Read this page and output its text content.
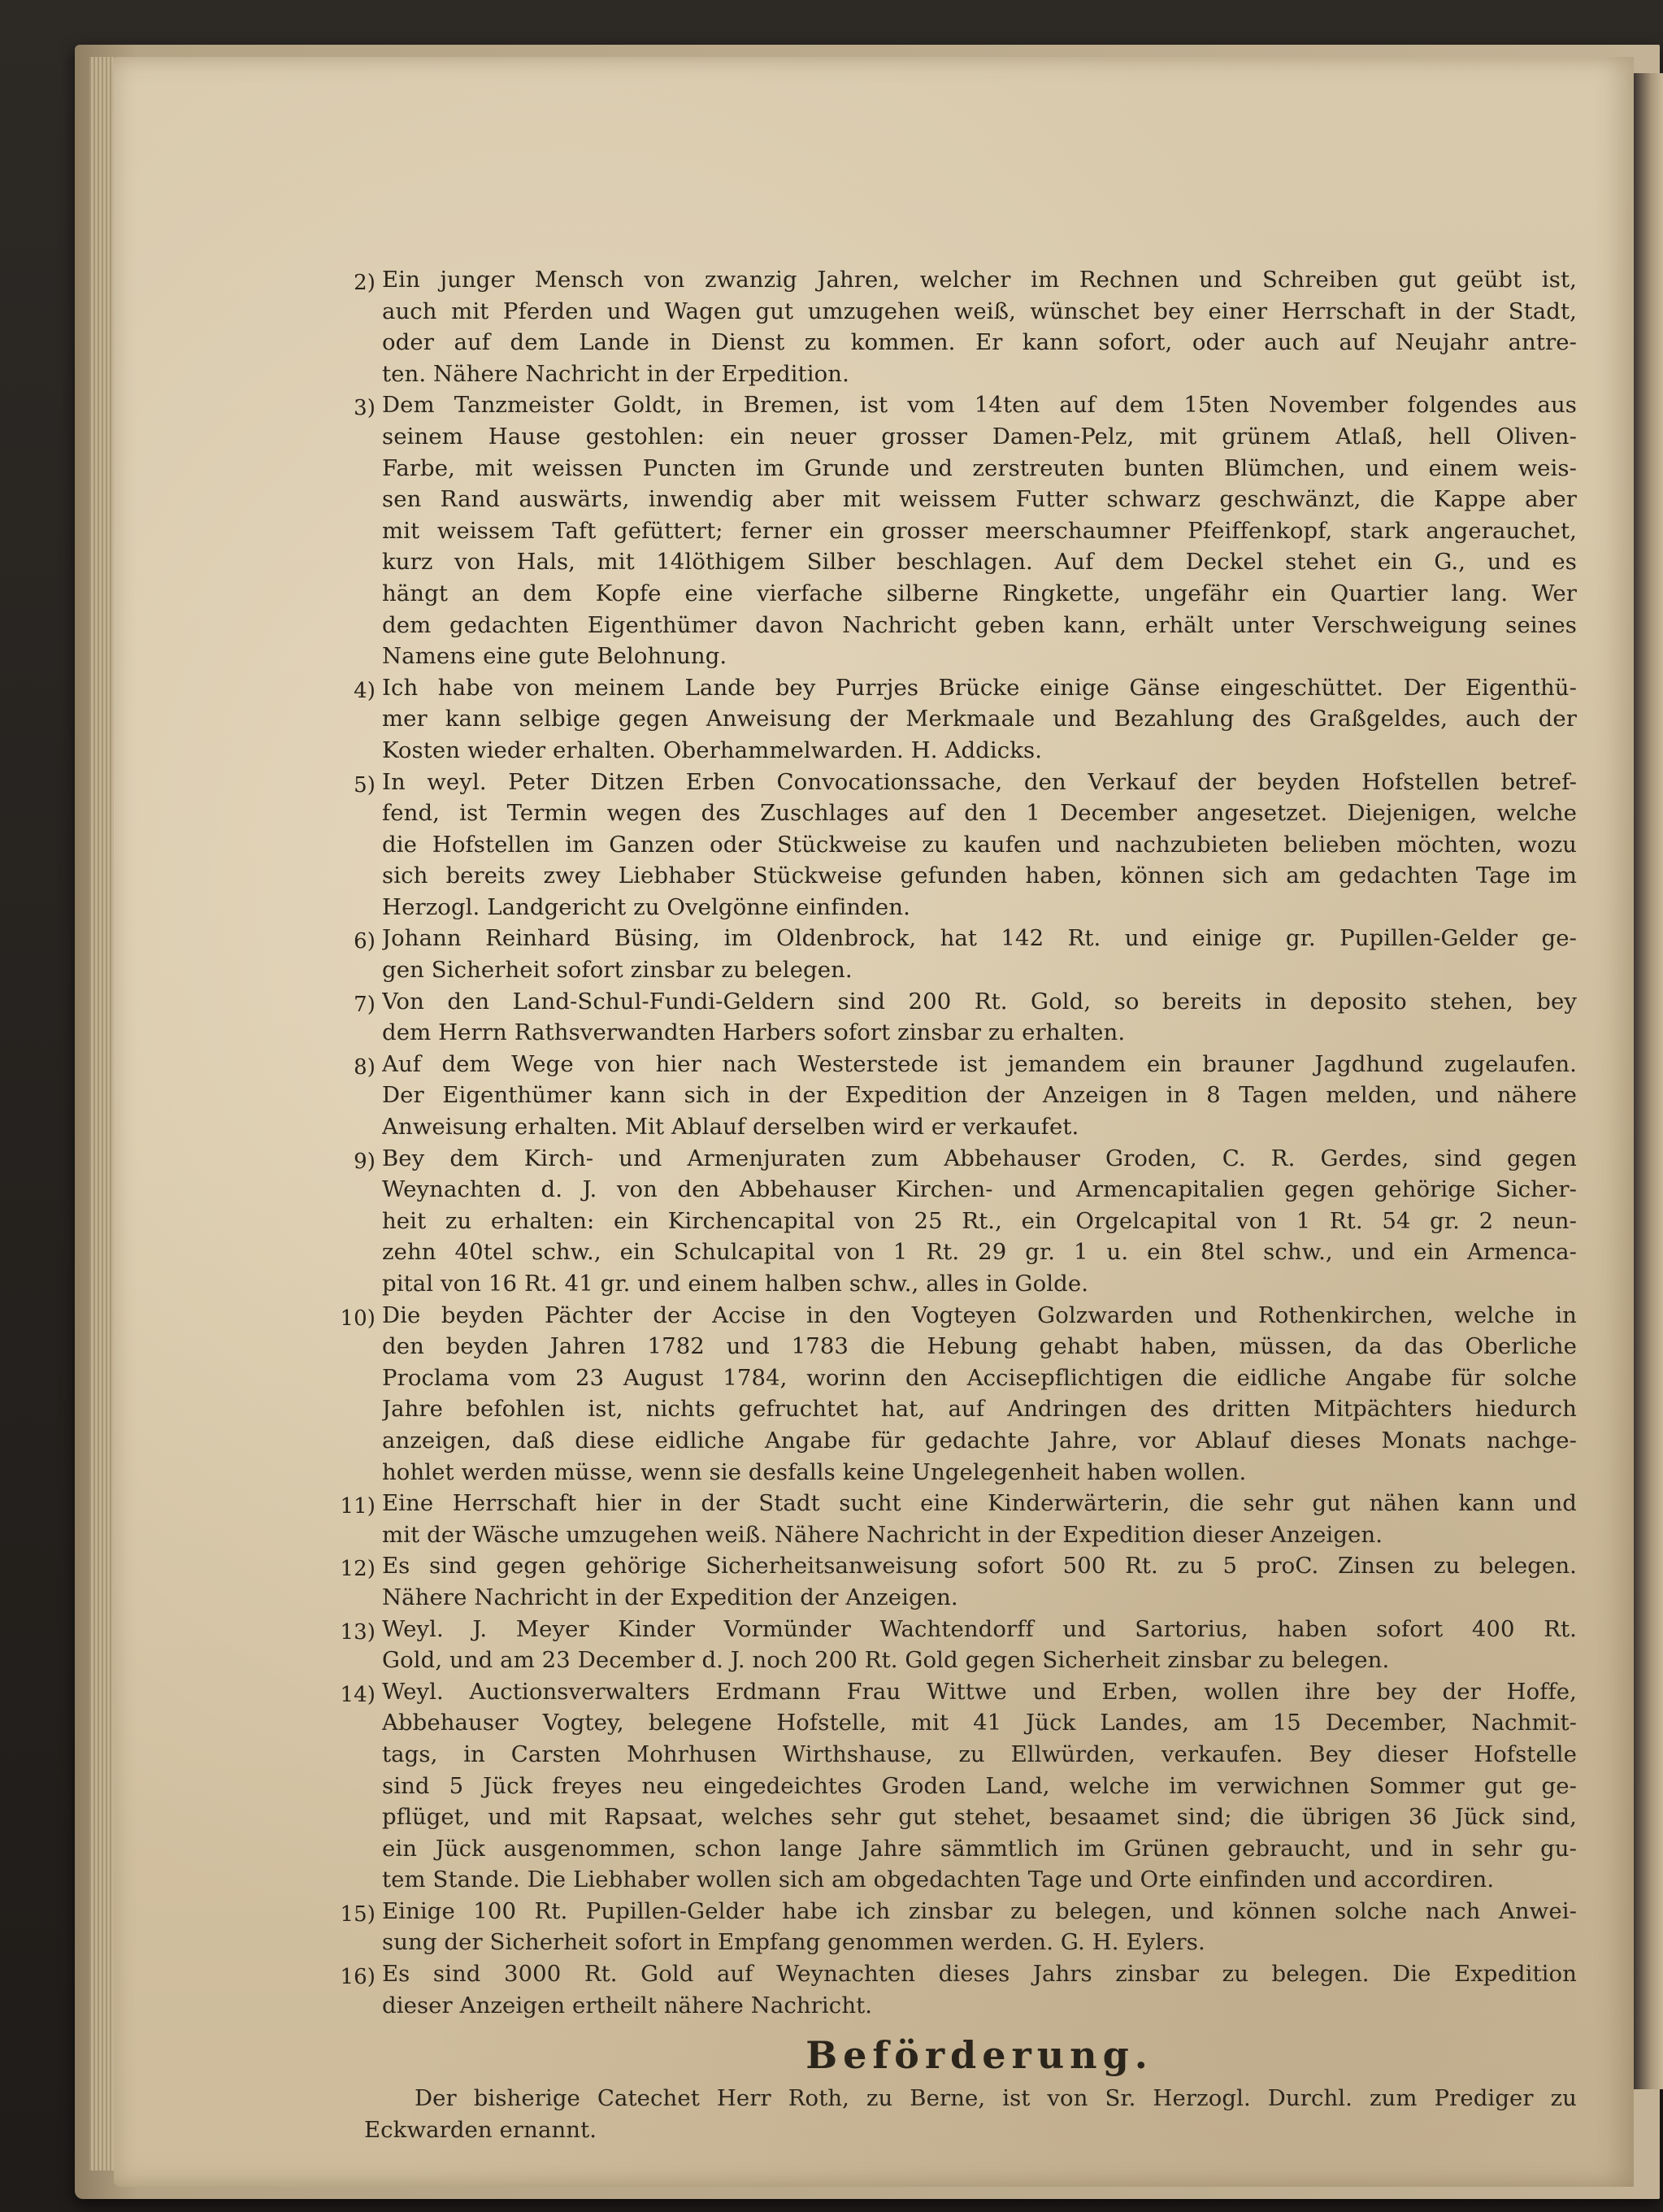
2) Ein junger Mensch von zwanzig Jahren, welcher im Rechnen und Schreiben gut geübt ist,
auch mit Pferden und Wagen gut umzugehen weiß, wünschet bey einer Herrschaft in der Stadt,
oder auf dem Lande in Dienst zu kommen. Er kann sofort, oder auch auf Neujahr antre-
ten. Nähere Nachricht in der Erpedition.
3) Dem Tanzmeister Goldt, in Bremen, ist vom 14ten auf dem 15ten November folgendes aus
seinem Hause gestohlen: ein neuer grosser Damen-Pelz, mit grünem Atlaß, hell Oliven-
Farbe, mit weissen Puncten im Grunde und zerstreuten bunten Blümchen, und einem weis-
sen Rand auswärts, inwendig aber mit weissem Futter schwarz geschwänzt, die Kappe aber
mit weissem Taft gefüttert; ferner ein grosser meerschaumner Pfeiffenkopf, stark angerauchet,
kurz von Hals, mit 14löthigem Silber beschlagen. Auf dem Deckel stehet ein G., und es
hängt an dem Kopfe eine vierfache silberne Ringkette, ungefähr ein Quartier lang. Wer
dem gedachten Eigenthümer davon Nachricht geben kann, erhält unter Verschweigung seines
Namens eine gute Belohnung.
4) Ich habe von meinem Lande bey Purrjes Brücke einige Gänse eingeschüttet. Der Eigenthü-
mer kann selbige gegen Anweisung der Merkmaale und Bezahlung des Graßgeldes, auch der
Kosten wieder erhalten. Oberhammelwarden. H. Addicks.
5) In weyl. Peter Ditzen Erben Convocationssache, den Verkauf der beyden Hofstellen betref-
fend, ist Termin wegen des Zuschlages auf den 1 December angesetzet. Diejenigen, welche
die Hofstellen im Ganzen oder Stückweise zu kaufen und nachzubieten belieben möchten, wozu
sich bereits zwey Liebhaber Stückweise gefunden haben, können sich am gedachten Tage im
Herzogl. Landgericht zu Ovelgönne einfinden.
6) Johann Reinhard Büsing, im Oldenbrock, hat 142 Rt. und einige gr. Pupillen-Gelder ge-
gen Sicherheit sofort zinsbar zu belegen.
7) Von den Land-Schul-Fundi-Geldern sind 200 Rt. Gold, so bereits in deposito stehen, bey
dem Herrn Rathsverwandten Harbers sofort zinsbar zu erhalten.
8) Auf dem Wege von hier nach Westerstede ist jemandem ein brauner Jagdhund zugelaufen.
Der Eigenthümer kann sich in der Expedition der Anzeigen in 8 Tagen melden, und nähere
Anweisung erhalten. Mit Ablauf derselben wird er verkaufet.
9) Bey dem Kirch- und Armenjuraten zum Abbehauser Groden, C. R. Gerdes, sind gegen
Weynachten d. J. von den Abbehauser Kirchen- und Armencapitalien gegen gehörige Sicher-
heit zu erhalten: ein Kirchencapital von 25 Rt., ein Orgelcapital von 1 Rt. 54 gr. 2 neun-
zehn 40tel schw., ein Schulcapital von 1 Rt. 29 gr. 1 u. ein 8tel schw., und ein Armenca-
pital von 16 Rt. 41 gr. und einem halben schw., alles in Golde.
10) Die beyden Pächter der Accise in den Vogteyen Golzwarden und Rothenkirchen, welche in
den beyden Jahren 1782 und 1783 die Hebung gehabt haben, müssen, da das Oberliche
Proclama vom 23 August 1784, worinn den Accisepflichtigen die eidliche Angabe für solche
Jahre befohlen ist, nichts gefruchtet hat, auf Andringen des dritten Mitpächters hiedurch
anzeigen, daß diese eidliche Angabe für gedachte Jahre, vor Ablauf dieses Monats nachge-
hohlet werden müsse, wenn sie desfalls keine Ungelegenheit haben wollen.
11) Eine Herrschaft hier in der Stadt sucht eine Kinderwärterin, die sehr gut nähen kann und
mit der Wäsche umzugehen weiß. Nähere Nachricht in der Expedition dieser Anzeigen.
12) Es sind gegen gehörige Sicherheitsanweisung sofort 500 Rt. zu 5 proC. Zinsen zu belegen.
Nähere Nachricht in der Expedition der Anzeigen.
13) Weyl. J. Meyer Kinder Vormünder Wachtendorff und Sartorius, haben sofort 400 Rt.
Gold, und am 23 December d. J. noch 200 Rt. Gold gegen Sicherheit zinsbar zu belegen.
14) Weyl. Auctionsverwalters Erdmann Frau Wittwe und Erben, wollen ihre bey der Hoffe,
Abbehauser Vogtey, belegene Hofstelle, mit 41 Jück Landes, am 15 December, Nachmit-
tags, in Carsten Mohrhusen Wirthshause, zu Ellwürden, verkaufen. Bey dieser Hofstelle
sind 5 Jück freyes neu eingedeichtes Groden Land, welche im verwichnen Sommer gut ge-
pflüget, und mit Rapsaat, welches sehr gut stehet, besaamet sind; die übrigen 36 Jück sind,
ein Jück ausgenommen, schon lange Jahre sämmtlich im Grünen gebraucht, und in sehr gu-
tem Stande. Die Liebhaber wollen sich am obgedachten Tage und Orte einfinden und accordiren.
15) Einige 100 Rt. Pupillen-Gelder habe ich zinsbar zu belegen, und können solche nach Anwei-
sung der Sicherheit sofort in Empfang genommen werden. G. H. Eylers.
16) Es sind 3000 Rt. Gold auf Weynachten dieses Jahrs zinsbar zu belegen. Die Expedition
dieser Anzeigen ertheilt nähere Nachricht.
Beförderung.
Der bisherige Catechet Herr Roth, zu Berne, ist von Sr. Herzogl. Durchl. zum Prediger zu
Eckwarden ernannt.
